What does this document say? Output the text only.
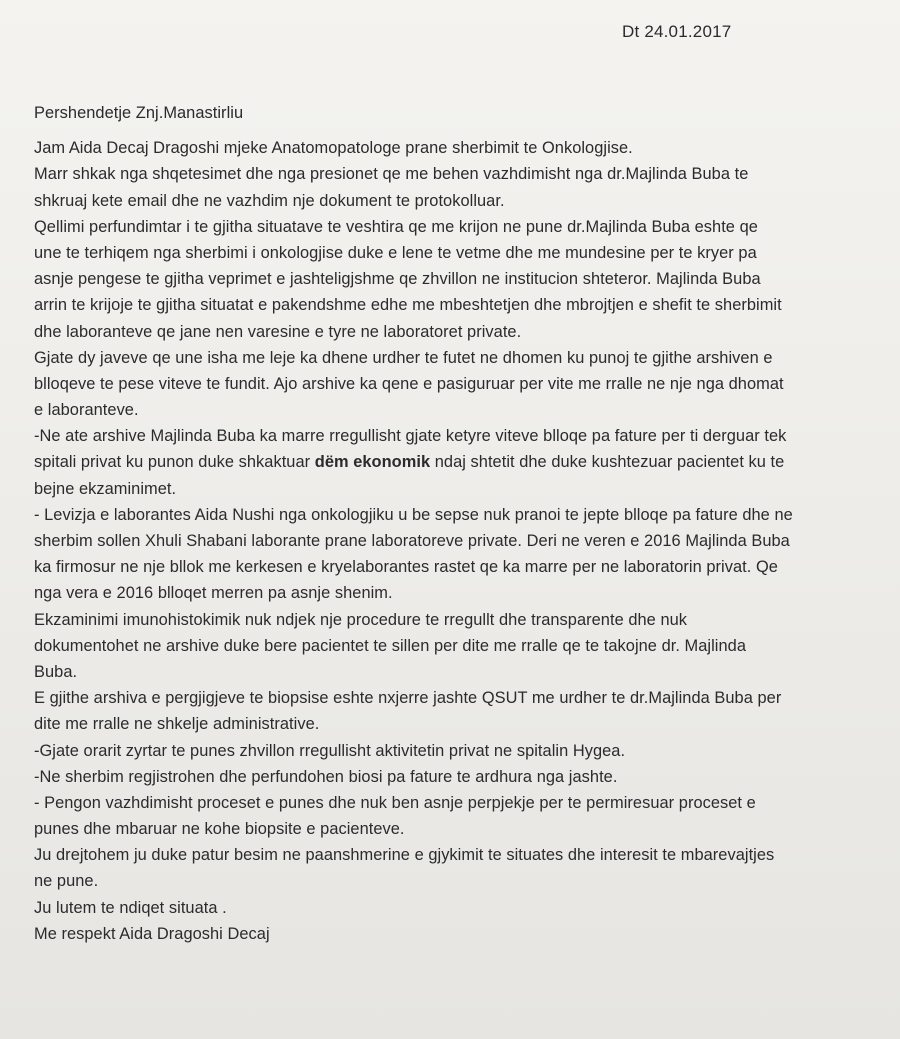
Dt 24.01.2017
Pershendetje Znj.Manastirliu
Jam Aida Decaj Dragoshi mjeke Anatomopatologe prane sherbimit te Onkologjise.
Marr shkak nga shqetesimet dhe nga presionet qe me behen vazhdimisht nga dr.Majlinda Buba te
shkruaj kete email dhe ne vazhdim nje dokument te protokolluar.
Qellimi perfundimtar i te gjitha situatave te veshtira qe me krijon ne pune dr.Majlinda Buba eshte qe
une te terhiqem nga sherbimi i onkologjise duke e lene te vetme dhe me mundesine per te kryer pa
asnje pengese te gjitha veprimet e jashteligjshme qe zhvillon ne institucion shteteror. Majlinda Buba
arrin te krijoje te gjitha situatat e pakendshme edhe me mbeshtetjen dhe mbrojtjen e shefit te sherbimit
dhe laboranteve qe jane nen varesine e tyre ne laboratoret private.
Gjate dy javeve qe une isha me leje ka dhene urdher te futet ne dhomen ku punoj te gjithe arshiven e
blloqeve te pese viteve te fundit. Ajo arshive ka qene e pasiguruar per vite me rralle ne nje nga dhomat
e laboranteve.
-Ne ate arshive Majlinda Buba ka marre rregullisht gjate ketyre viteve blloqe pa fature per ti derguar tek
spitali privat ku punon duke shkaktuar dëm ekonomik ndaj shtetit dhe duke kushtezuar pacientet ku te
bejne ekzaminimet.
- Levizja e laborantes Aida Nushi nga onkologjiku u be sepse nuk pranoi te jepte blloqe pa fature dhe ne
sherbim sollen Xhuli Shabani laborante prane laboratoreve private. Deri ne veren e 2016 Majlinda Buba
ka firmosur ne nje bllok me kerkesen e kryelaborantes rastet qe ka marre per ne laboratorin privat. Qe
nga vera e 2016 blloqet merren pa asnje shenim.
Ekzaminimi imunohistokimik nuk ndjek nje procedure te rregullt dhe transparente dhe nuk
dokumentohet ne arshive duke bere pacientet te sillen per dite me rralle qe te takojne dr. Majlinda
Buba.
E gjithe arshiva e pergjigjeve te biopsise eshte nxjerre jashte QSUT me urdher te dr.Majlinda Buba per
dite me rralle ne shkelje administrative.
-Gjate orarit zyrtar te punes zhvillon rregullisht aktivitetin privat ne spitalin Hygea.
-Ne sherbim regjistrohen dhe perfundohen biosi pa fature te ardhura nga jashte.
- Pengon vazhdimisht proceset e punes dhe nuk ben asnje perpjekje per te permiresuar proceset e
punes dhe mbaruar ne kohe biopsite e pacienteve.
Ju drejtohem ju duke patur besim ne paanshmerine e gjykimit te situates dhe interesit te mbarevajtjes
ne pune.
Ju lutem te ndiqet situata .
Me respekt Aida Dragoshi Decaj
